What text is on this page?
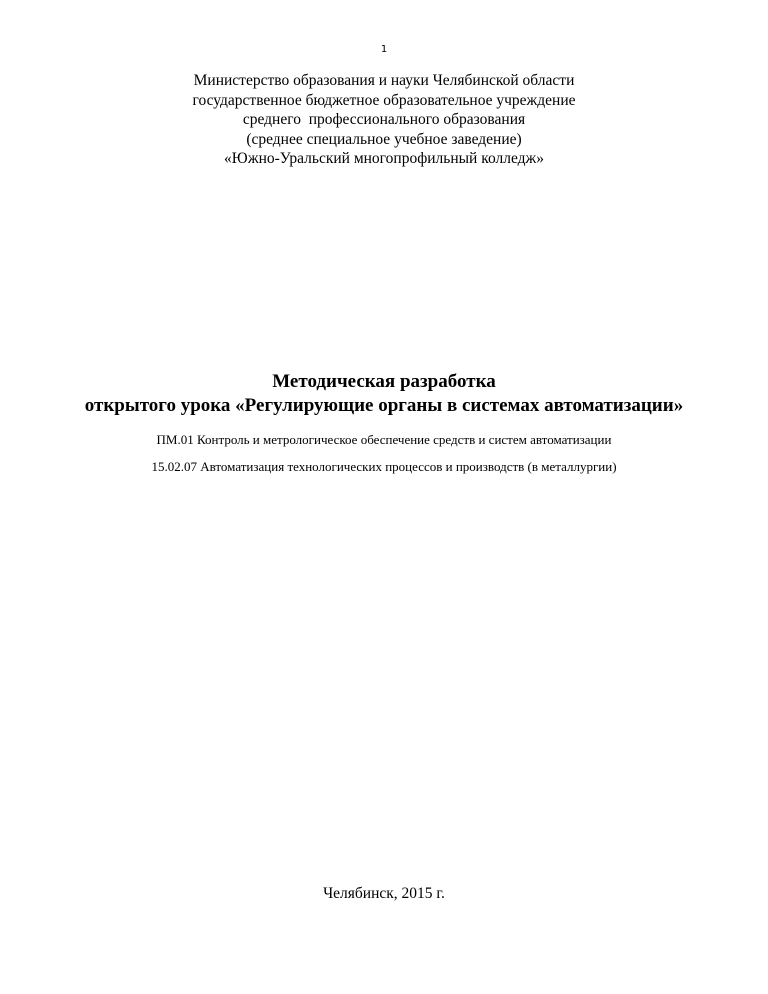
1
Министерство образования и науки Челябинской области
государственное бюджетное образовательное учреждение
среднего  профессионального образования
(среднее специальное учебное заведение)
«Южно-Уральский многопрофильный колледж»
Методическая разработка
открытого урока «Регулирующие органы в системах автоматизации»
ПМ.01 Контроль и метрологическое обеспечение средств и систем автоматизации
15.02.07 Автоматизация технологических процессов и производств (в металлургии)
Челябинск, 2015 г.
